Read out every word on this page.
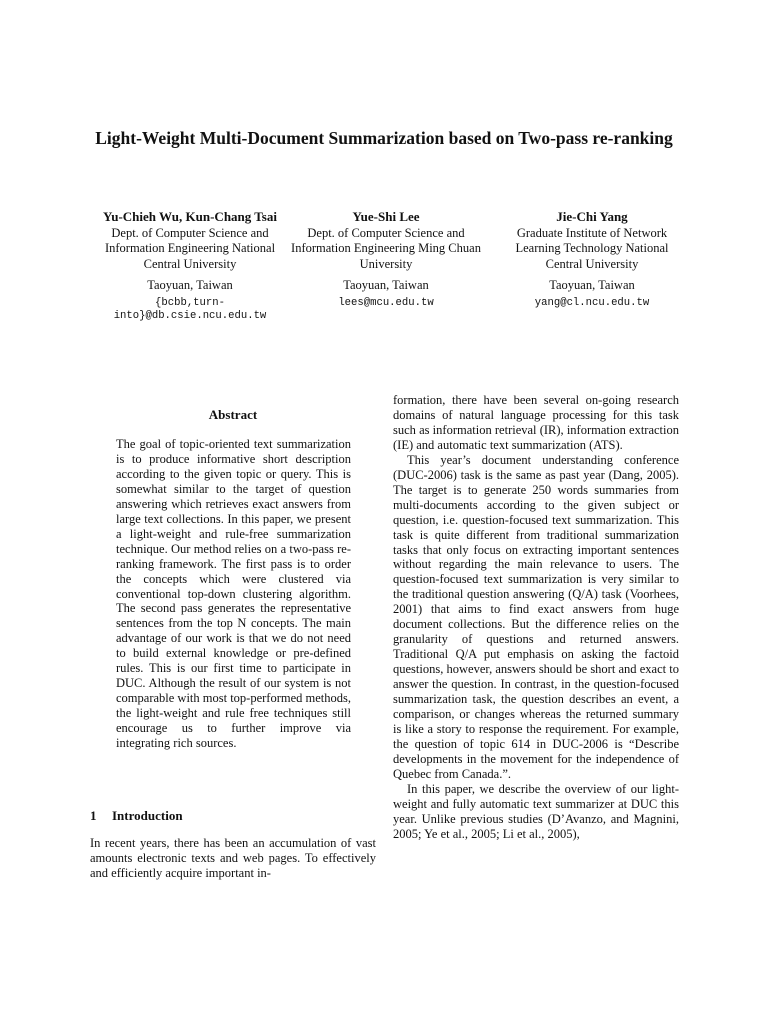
Light-Weight Multi-Document Summarization based on Two-pass re-ranking
Yu-Chieh Wu, Kun-Chang Tsai
Dept. of Computer Science and Information Engineering National Central University
Taoyuan, Taiwan
{bcbb,turn-into}@db.csie.ncu.edu.tw
Yue-Shi Lee
Dept. of Computer Science and Information Engineering Ming Chuan University
Taoyuan, Taiwan
lees@mcu.edu.tw
Jie-Chi Yang
Graduate Institute of Network Learning Technology National Central University
Taoyuan, Taiwan
yang@cl.ncu.edu.tw
Abstract
The goal of topic-oriented text summarization is to produce informative short description according to the given topic or query. This is somewhat similar to the target of question answering which retrieves exact answers from large text collections. In this paper, we present a light-weight and rule-free summarization technique. Our method relies on a two-pass re-ranking framework. The first pass is to order the concepts which were clustered via conventional top-down clustering algorithm. The second pass generates the representative sentences from the top N concepts. The main advantage of our work is that we do not need to build external knowledge or pre-defined rules. This is our first time to participate in DUC. Although the result of our system is not comparable with most top-performed methods, the light-weight and rule free techniques still encourage us to further improve via integrating rich sources.
1 Introduction
In recent years, there has been an accumulation of vast amounts electronic texts and web pages. To effectively and efficiently acquire important in-

formation, there have been several on-going research domains of natural language processing for this task such as information retrieval (IR), information extraction (IE) and automatic text summarization (ATS).

This year’s document understanding conference (DUC-2006) task is the same as past year (Dang, 2005). The target is to generate 250 words summaries from multi-documents according to the given subject or question, i.e. question-focused text summarization. This task is quite different from traditional summarization tasks that only focus on extracting important sentences without regarding the main relevance to users. The question-focused text summarization is very similar to the traditional question answering (Q/A) task (Voorhees, 2001) that aims to find exact answers from huge document collections. But the difference relies on the granularity of questions and returned answers. Traditional Q/A put emphasis on asking the factoid questions, however, answers should be short and exact to answer the question. In contrast, in the question-focused summarization task, the question describes an event, a comparison, or changes whereas the returned summary is like a story to response the requirement. For example, the question of topic 614 in DUC-2006 is “Describe developments in the movement for the independence of Quebec from Canada.”.

In this paper, we describe the overview of our light-weight and fully automatic text summarizer at DUC this year. Unlike previous studies (D’Avanzo, and Magnini, 2005; Ye et al., 2005; Li et al., 2005),
